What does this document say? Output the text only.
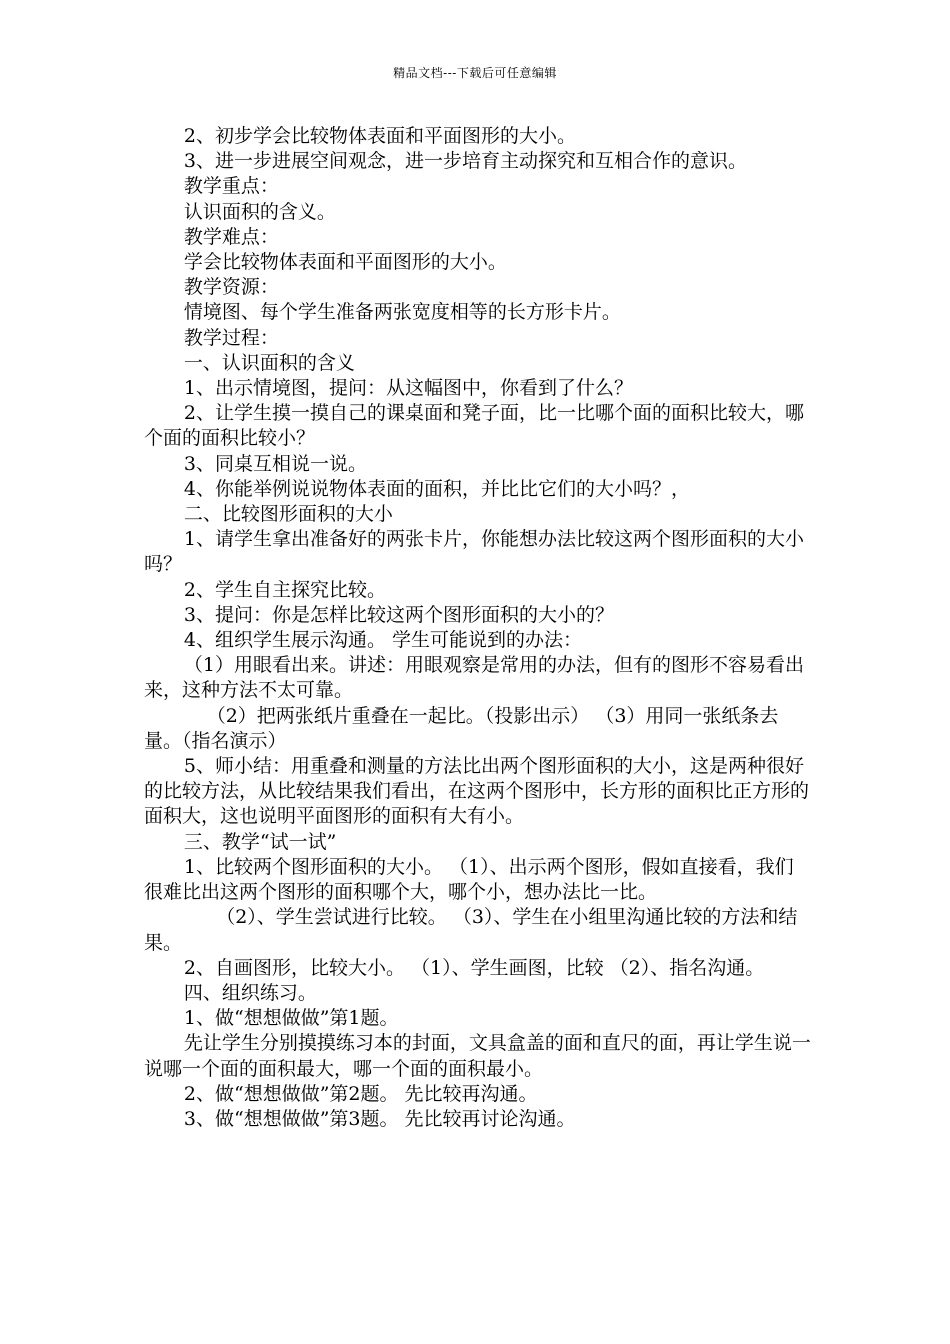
精品文档---下载后可任意编辑

2、初步学会比较物体表面和平面图形的大小。

3、进一步进展空间观念，进一步培育主动探究和互相合作的意识。

教学重点：

认识面积的含义。

教学难点：

学会比较物体表面和平面图形的大小。

教学资源：

情境图、每个学生准备两张宽度相等的长方形卡片。

教学过程：

一、认识面积的含义

1、出示情境图，提问：从这幅图中，你看到了什么？

2、让学生摸一摸自己的课桌面和凳子面，比一比哪个面的面积比较大，哪个面的面积比较小？

3、同桌互相说一说。

4、你能举例说说物体表面的面积，并比比它们的大小吗？，

二、比较图形面积的大小

1、请学生拿出准备好的两张卡片，你能想办法比较这两个图形面积的大小吗？

2、学生自主探究比较。

3、提问：你是怎样比较这两个图形面积的大小的？

4、组织学生展示沟通。 学生可能说到的办法：

（1）用眼看出来。讲述：用眼观察是常用的办法，但有的图形不容易看出来，这种方法不太可靠。

（2）把两张纸片重叠在一起比。（投影出示） （3）用同一张纸条去量。（指名演示）

5、师小结：用重叠和测量的方法比出两个图形面积的大小，这是两种很好的比较方法，从比较结果我们看出，在这两个图形中，长方形的面积比正方形的面积大，这也说明平面图形的面积有大有小。

三、教学“试一试”

1、比较两个图形面积的大小。 （1）、出示两个图形，假如直接看，我们很难比出这两个图形的面积哪个大，哪个小，想办法比一比。

（2）、学生尝试进行比较。 （3）、学生在小组里沟通比较的方法和结果。

2、自画图形，比较大小。 （1）、学生画图，比较 （2）、指名沟通。

四、组织练习。

1、做“想想做做”第1题。

先让学生分别摸摸练习本的封面，文具盒盖的面和直尺的面，再让学生说一说哪一个面的面积最大，哪一个面的面积最小。

2、做“想想做做”第2题。 先比较再沟通。

3、做“想想做做”第3题。 先比较再讨论沟通。
